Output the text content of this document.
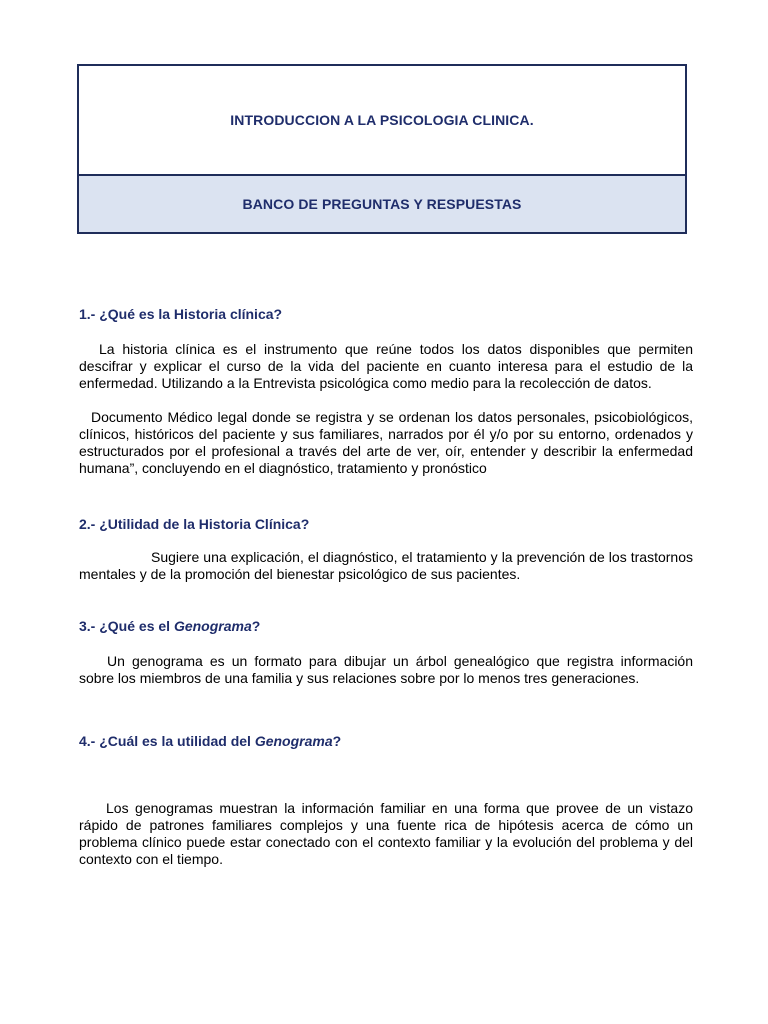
INTRODUCCION A LA PSICOLOGIA CLINICA.
BANCO DE PREGUNTAS Y RESPUESTAS

1.- ¿Qué es la Historia clínica?

La historia clínica es el instrumento que reúne todos los datos disponibles que permiten descifrar y explicar el curso de la vida del paciente en cuanto interesa para el estudio de la enfermedad. Utilizando a la Entrevista psicológica como medio para la recolección de datos.

Documento Médico legal donde se registra y se ordenan los datos personales, psicobiológicos, clínicos, históricos del paciente y sus familiares, narrados por él y/o por su entorno, ordenados y estructurados por el profesional a través del arte de ver, oír, entender y describir la enfermedad humana”, concluyendo en el diagnóstico, tratamiento y pronóstico

2.- ¿Utilidad de la Historia Clínica?

Sugiere una explicación, el diagnóstico, el tratamiento y la prevención de los trastornos mentales y de la promoción del bienestar psicológico de sus pacientes.

3.- ¿Qué es el Genograma?

Un genograma es un formato para dibujar un árbol genealógico que registra información sobre los miembros de una familia y sus relaciones sobre por lo menos tres generaciones.

4.- ¿Cuál es la utilidad del Genograma?

Los genogramas muestran la información familiar en una forma que provee de un vistazo rápido de patrones familiares complejos y una fuente rica de hipótesis acerca de cómo un problema clínico puede estar conectado con el contexto familiar y la evolución del problema y del contexto con el tiempo.
